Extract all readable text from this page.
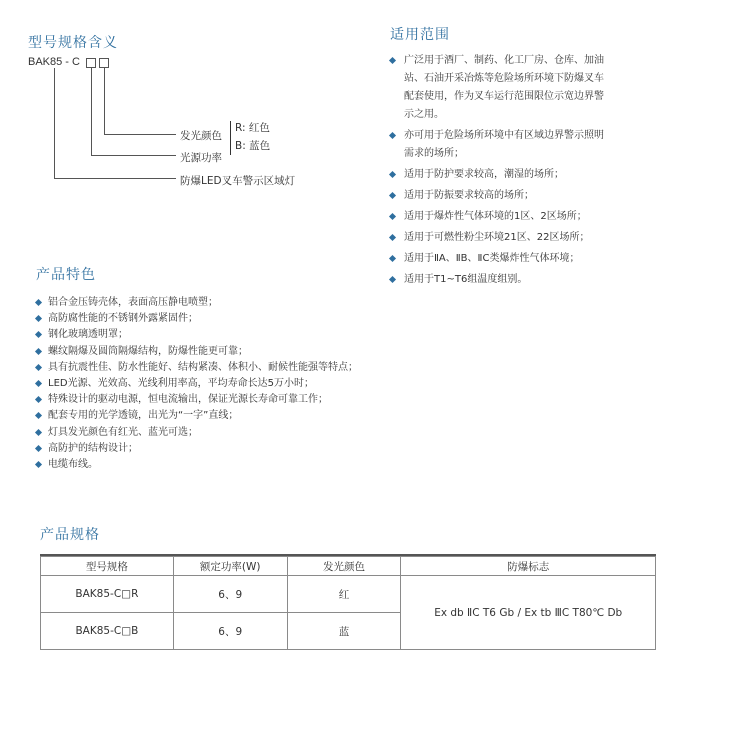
型号规格含义
BAK85 - C
发光颜色
R: 红色
B: 蓝色
光源功率
防爆LED叉车警示区域灯
适用范围
广泛用于酒厂、制药、化工厂房、仓库、加油
站、石油开采冶炼等危险场所环境下防爆叉车
配套使用，作为叉车运行范围限位示宽边界警
示之用。
亦可用于危险场所环境中有区域边界警示照明
需求的场所；
适用于防护要求较高，潮湿的场所；
适用于防振要求较高的场所；
适用于爆炸性气体环境的1区、2区场所；
适用于可燃性粉尘环境21区、22区场所；
适用于ⅡA、ⅡB、ⅡC类爆炸性气体环境；
适用于T1~T6组温度组别。
产品特色
铝合金压铸壳体，表面高压静电喷塑；
高防腐性能的不锈钢外露紧固件；
钢化玻璃透明罩；
螺纹隔爆及圆筒隔爆结构，防爆性能更可靠；
具有抗震性佳、防水性能好、结构紧凑、体积小、耐候性能强等特点；
LED光源、光效高、光线利用率高，平均寿命长达5万小时；
特殊设计的驱动电源，恒电流输出，保证光源长寿命可靠工作；
配套专用的光学透镜，出光为“一字”直线；
灯具发光颜色有红光、蓝光可选；
高防护的结构设计；
电缆布线。
产品规格
型号规格	额定功率(W)	发光颜色	防爆标志
BAK85-C□R	6、9	红	Ex db ⅡC T6 Gb / Ex tb ⅢC T80℃ Db
BAK85-C□B	6、9	蓝	
